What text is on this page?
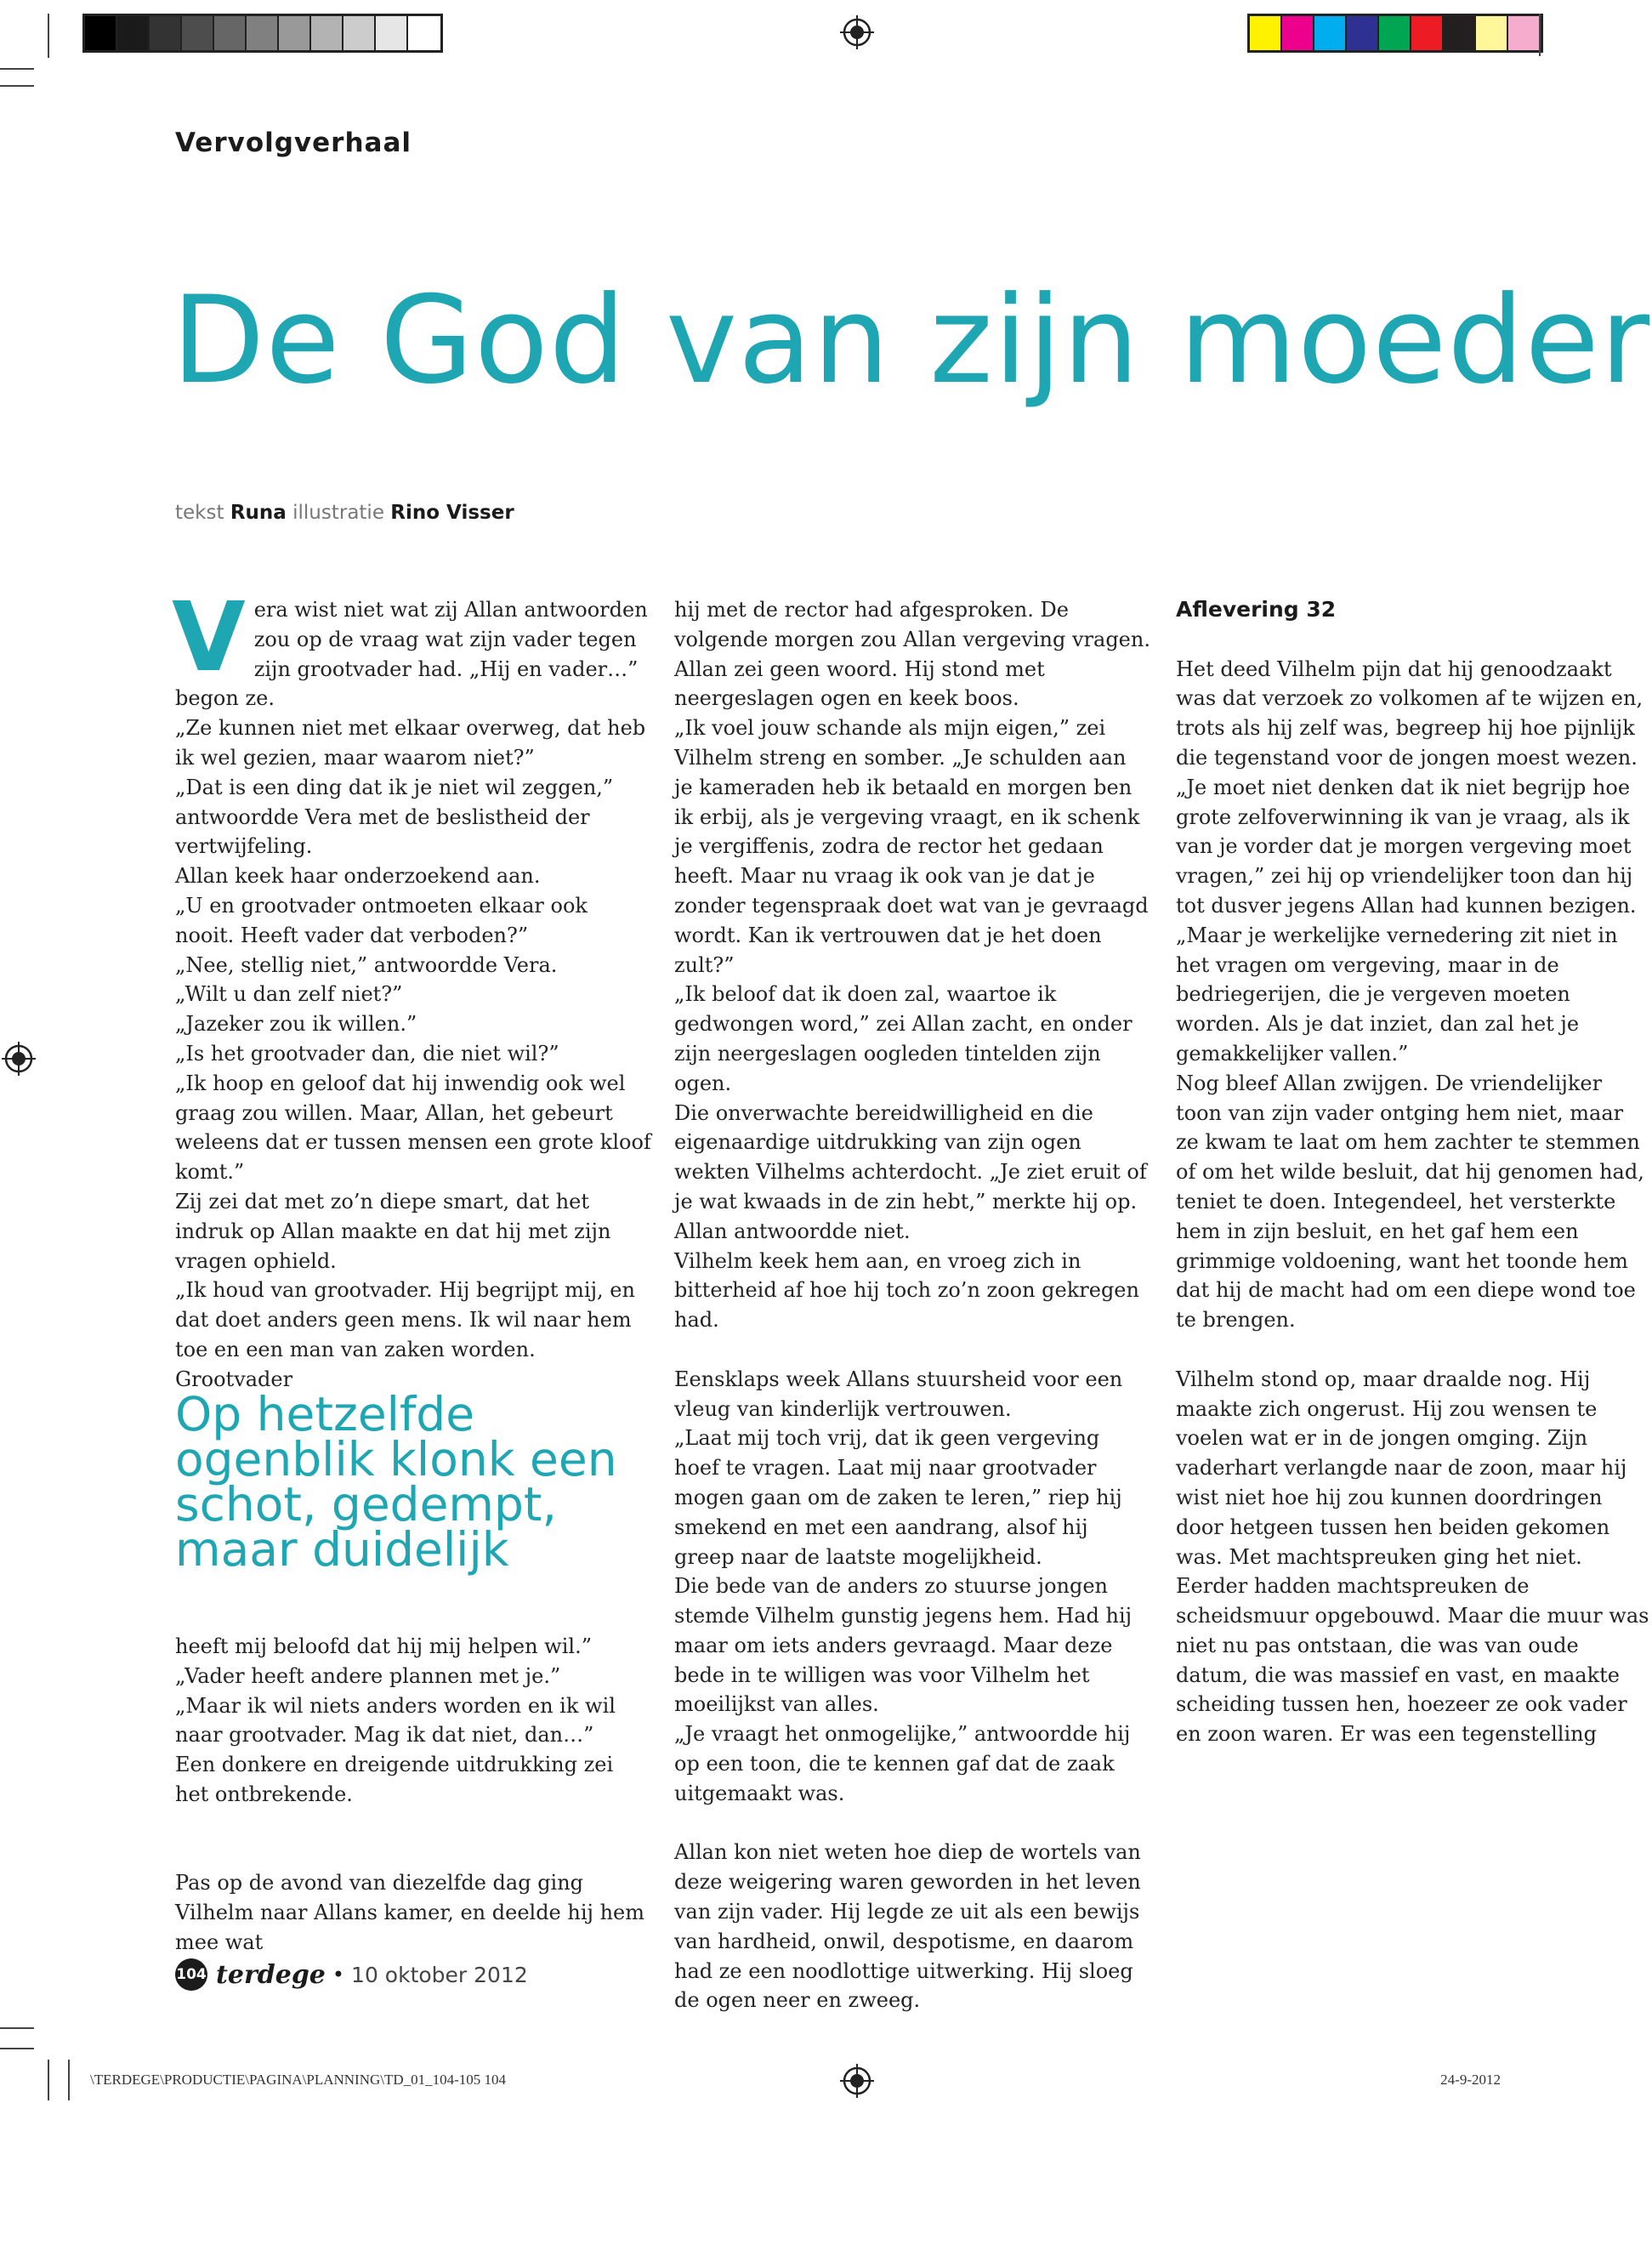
Vervolgverhaal
De God van zijn moeder
tekst Runa illustratie Rino Visser

V era wist niet wat zij Allan antwoorden zou op de vraag wat zijn vader tegen zijn grootvader had. „Hij en vader…” begon ze.

„Ze kunnen niet met elkaar overweg, dat heb ik wel gezien, maar waarom niet?”

„Dat is een ding dat ik je niet wil zeggen,” antwoordde Vera met de beslistheid der vertwijfeling.

Allan keek haar onderzoekend aan.

„U en grootvader ontmoeten elkaar ook nooit. Heeft vader dat verboden?”

„Nee, stellig niet,” antwoordde Vera.

„Wilt u dan zelf niet?”

„Jazeker zou ik willen.”

„Is het grootvader dan, die niet wil?”

„Ik hoop en geloof dat hij inwendig ook wel graag zou willen. Maar, Allan, het gebeurt weleens dat er tussen mensen een grote kloof komt.”

Zij zei dat met zo’n diepe smart, dat het indruk op Allan maakte en dat hij met zijn vragen ophield.

„Ik houd van grootvader. Hij begrijpt mij, en dat doet anders geen mens. Ik wil naar hem toe en een man van zaken worden. Grootvader

Op hetzelfde ogenblik klonk een schot, gedempt, maar duidelijk

heeft mij beloofd dat hij mij helpen wil.”

„Vader heeft andere plannen met je.”

„Maar ik wil niets anders worden en ik wil naar grootvader. Mag ik dat niet, dan…”

Een donkere en dreigende uitdrukking zei het ontbrekende.

Pas op de avond van diezelfde dag ging Vilhelm naar Allans kamer, en deelde hij hem mee wat

hij met de rector had afgesproken. De volgende morgen zou Allan vergeving vragen.

Allan zei geen woord. Hij stond met neergeslagen ogen en keek boos.

„Ik voel jouw schande als mijn eigen,” zei Vilhelm streng en somber. „Je schulden aan je kameraden heb ik betaald en morgen ben ik erbij, als je vergeving vraagt, en ik schenk je vergiffenis, zodra de rector het gedaan heeft. Maar nu vraag ik ook van je dat je zonder tegenspraak doet wat van je gevraagd wordt. Kan ik vertrouwen dat je het doen zult?”

„Ik beloof dat ik doen zal, waartoe ik gedwongen word,” zei Allan zacht, en onder zijn neergeslagen oogleden tintelden zijn ogen.

Die onverwachte bereidwilligheid en die eigenaardige uitdrukking van zijn ogen wekten Vilhelms achterdocht. „Je ziet eruit of je wat kwaads in de zin hebt,” merkte hij op.

Allan antwoordde niet.

Vilhelm keek hem aan, en vroeg zich in bitterheid af hoe hij toch zo’n zoon gekregen had.

Eensklaps week Allans stuursheid voor een vleug van kinderlijk vertrouwen.

„Laat mij toch vrij, dat ik geen vergeving hoef te vragen. Laat mij naar grootvader mogen gaan om de zaken te leren,” riep hij smekend en met een aandrang, alsof hij greep naar de laatste mogelijkheid.

Die bede van de anders zo stuurse jongen stemde Vilhelm gunstig jegens hem. Had hij maar om iets anders gevraagd. Maar deze bede in te willigen was voor Vilhelm het moeilijkst van alles.

„Je vraagt het onmogelijke,” antwoordde hij op een toon, die te kennen gaf dat de zaak uitgemaakt was.

Allan kon niet weten hoe diep de wortels van deze weigering waren geworden in het leven van zijn vader. Hij legde ze uit als een bewijs van hardheid, onwil, despotisme, en daarom had ze een noodlottige uitwerking. Hij sloeg de ogen neer en zweeg.

Aflevering 32

Het deed Vilhelm pijn dat hij genoodzaakt was dat verzoek zo volkomen af te wijzen en, trots als hij zelf was, begreep hij hoe pijnlijk die tegenstand voor de jongen moest wezen.

„Je moet niet denken dat ik niet begrijp hoe grote zelfoverwinning ik van je vraag, als ik van je vorder dat je morgen vergeving moet vragen,” zei hij op vriendelijker toon dan hij tot dusver jegens Allan had kunnen bezigen. „Maar je werkelijke vernedering zit niet in het vragen om vergeving, maar in de bedriegerijen, die je vergeven moeten worden. Als je dat inziet, dan zal het je gemakkelijker vallen.”

Nog bleef Allan zwijgen. De vriendelijker toon van zijn vader ontging hem niet, maar ze kwam te laat om hem zachter te stemmen of om het wilde besluit, dat hij genomen had, teniet te doen. Integendeel, het versterkte hem in zijn besluit, en het gaf hem een grimmige voldoening, want het toonde hem dat hij de macht had om een diepe wond toe te brengen.

Vilhelm stond op, maar draalde nog. Hij maakte zich ongerust. Hij zou wensen te voelen wat er in de jongen omging. Zijn vaderhart verlangde naar de zoon, maar hij wist niet hoe hij zou kunnen doordringen door hetgeen tussen hen beiden gekomen was. Met machtspreuken ging het niet. Eerder hadden machtspreuken de scheidsmuur opgebouwd. Maar die muur was niet nu pas ontstaan, die was van oude datum, die was massief en vast, en maakte scheiding tussen hen, hoezeer ze ook vader en zoon waren. Er was een tegenstelling

104 terdege • 10 oktober 2012
\TERDEGE\PRODUCTIE\PAGINA\PLANNING\TD_01_104-105 104	24-9-2012
